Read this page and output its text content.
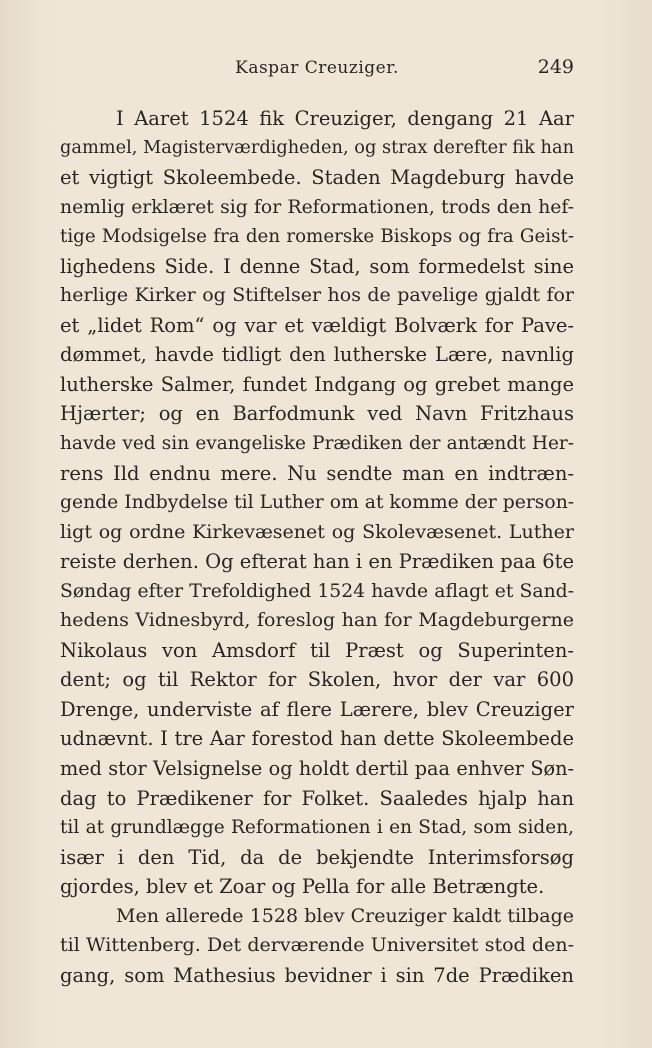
Kaspar Creuziger.	249
I Aaret 1524 fik Creuziger, dengang 21 Aar
gammel, Magisterværdigheden, og strax derefter fik han
et vigtigt Skoleembede. Staden Magdeburg havde
nemlig erklæret sig for Reformationen, trods den hef-
tige Modsigelse fra den romerske Biskops og fra Geist-
lighedens Side. I denne Stad, som formedelst sine
herlige Kirker og Stiftelser hos de pavelige gjaldt for
et „lidet Rom“ og var et vældigt Bolværk for Pave-
dømmet, havde tidligt den lutherske Lære, navnlig
lutherske Salmer, fundet Indgang og grebet mange
Hjærter; og en Barfodmunk ved Navn Fritzhaus
havde ved sin evangeliske Prædiken der antændt Her-
rens Ild endnu mere. Nu sendte man en indtræn-
gende Indbydelse til Luther om at komme der person-
ligt og ordne Kirkevæsenet og Skolevæsenet. Luther
reiste derhen. Og efterat han i en Prædiken paa 6te
Søndag efter Trefoldighed 1524 havde aflagt et Sand-
hedens Vidnesbyrd, foreslog han for Magdeburgerne
Nikolaus von Amsdorf til Præst og Superinten-
dent; og til Rektor for Skolen, hvor der var 600
Drenge, underviste af flere Lærere, blev Creuziger
udnævnt. I tre Aar forestod han dette Skoleembede
med stor Velsignelse og holdt dertil paa enhver Søn-
dag to Prædikener for Folket. Saaledes hjalp han
til at grundlægge Reformationen i en Stad, som siden,
især i den Tid, da de bekjendte Interimsforsøg
gjordes, blev et Zoar og Pella for alle Betrængte.
Men allerede 1528 blev Creuziger kaldt tilbage
til Wittenberg. Det derværende Universitet stod den-
gang, som Mathesius bevidner i sin 7de Prædiken
